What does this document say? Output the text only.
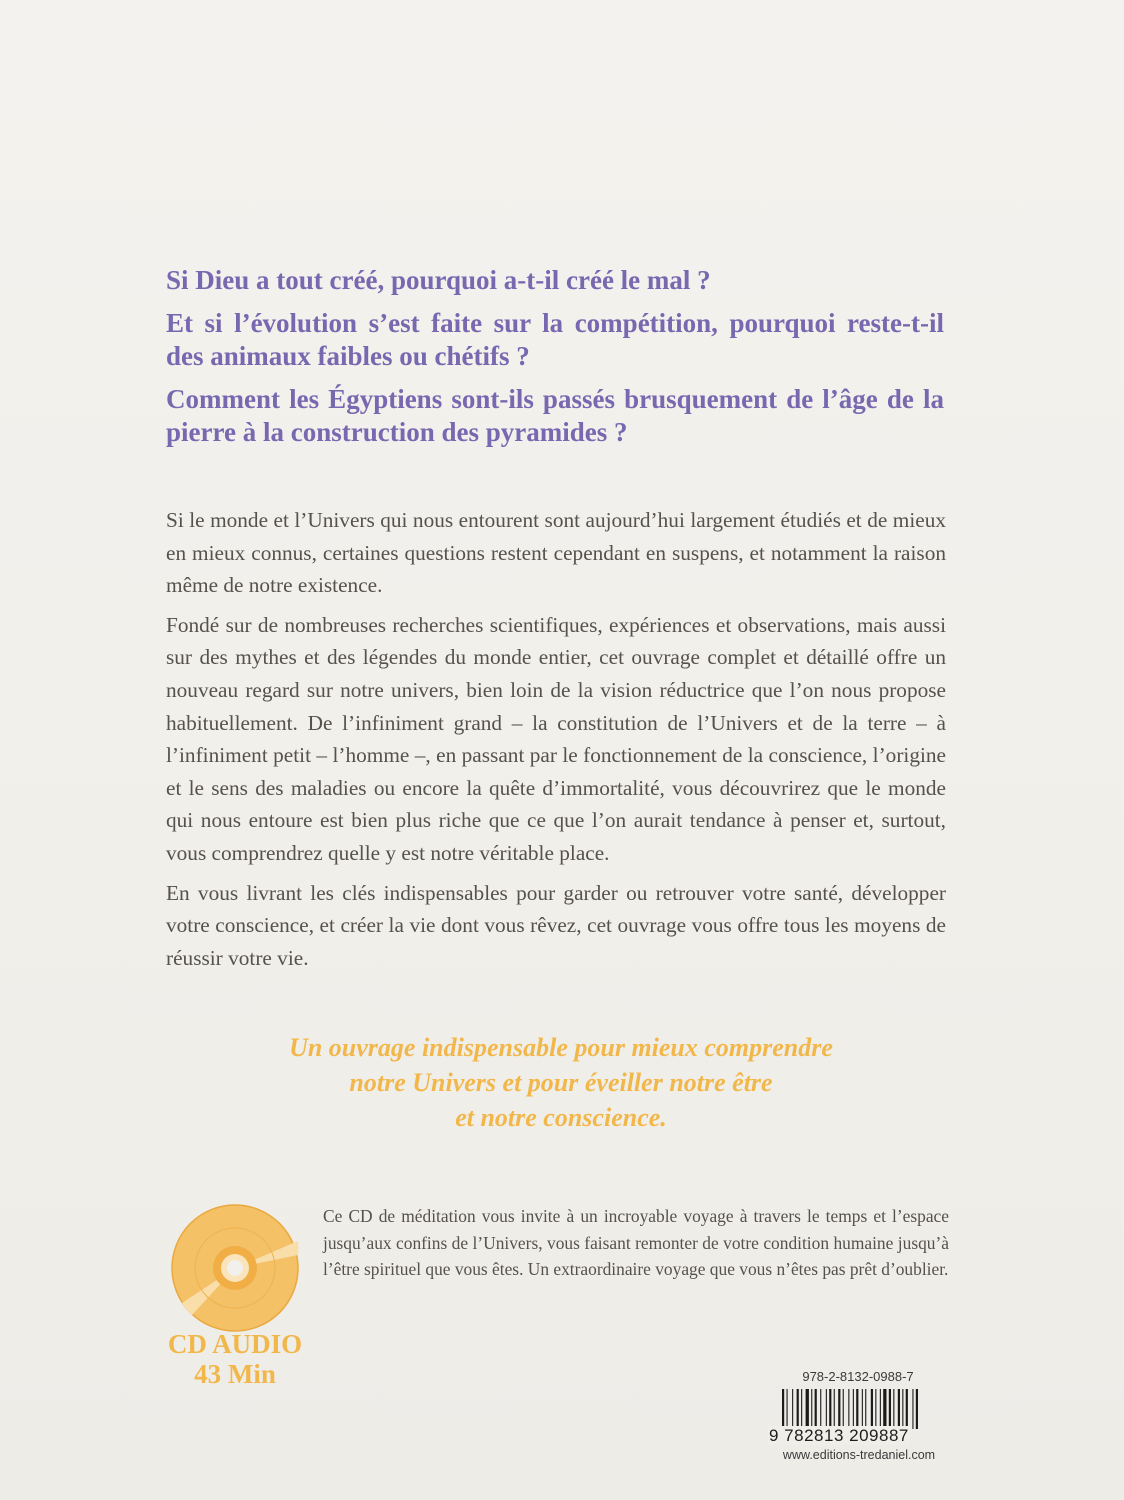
Si Dieu a tout créé, pourquoi a-t-il créé le mal ?

Et si l’évolution s’est faite sur la compétition, pourquoi reste-t-il des animaux faibles ou chétifs ?

Comment les Égyptiens sont-ils passés brusquement de l’âge de la pierre à la construction des pyramides ?

Si le monde et l’Univers qui nous entourent sont aujourd’hui largement étudiés et de mieux en mieux connus, certaines questions restent cependant en suspens, et notamment la raison même de notre existence.

Fondé sur de nombreuses recherches scientifiques, expériences et observations, mais aussi sur des mythes et des légendes du monde entier, cet ouvrage complet et détaillé offre un nouveau regard sur notre univers, bien loin de la vision réductrice que l’on nous propose habituellement. De l’infiniment grand – la constitution de l’Univers et de la terre – à l’infiniment petit – l’homme –, en passant par le fonctionnement de la conscience, l’origine et le sens des maladies ou encore la quête d’immortalité, vous découvrirez que le monde qui nous entoure est bien plus riche que ce que l’on aurait tendance à penser et, surtout, vous comprendrez quelle y est notre véritable place.

En vous livrant les clés indispensables pour garder ou retrouver votre santé, développer votre conscience, et créer la vie dont vous rêvez, cet ouvrage vous offre tous les moyens de réussir votre vie.

Un ouvrage indispensable pour mieux comprendre
notre Univers et pour éveiller notre être
et notre conscience.
CD AUDIO
43 Min

Ce CD de méditation vous invite à un incroyable voyage à travers le temps et l’espace jusqu’aux confins de l’Univers, vous faisant remonter de votre condition humaine jusqu’à l’être spirituel que vous êtes. Un extraordinaire voyage que vous n’êtes pas prêt d’oublier.

978-2-8132-0988-7
9 782813 209887
www.editions-tredaniel.com
